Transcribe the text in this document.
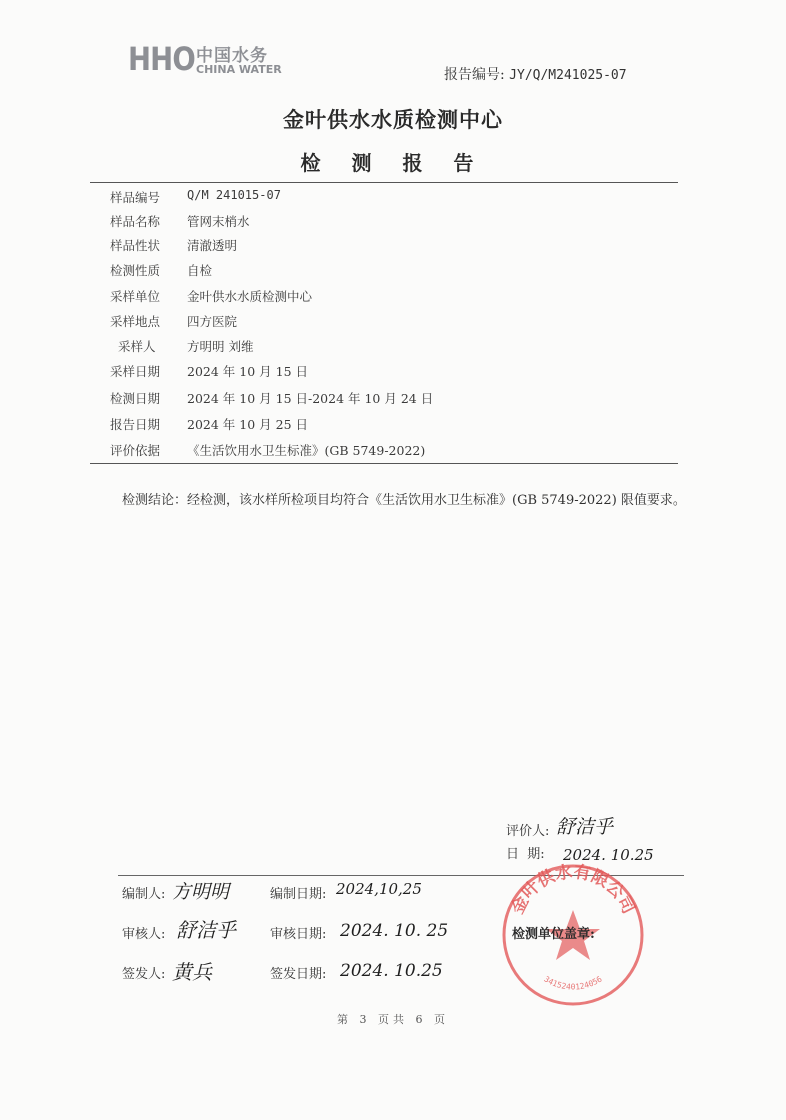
HHO 中国水务
CHINA WATER	报告编号: JY/Q/M241025-07
金叶供水水质检测中心
检 测 报 告
样品编号	Q/M 241015-07
样品名称	管网末梢水
样品性状	清澈透明
检测性质	自检
采样单位	金叶供水水质检测中心
采样地点	四方医院
采样人	方明明 刘维
采样日期	2024 年 10 月 15 日
检测日期	2024 年 10 月 15 日-2024 年 10 月 24 日
报告日期	2024 年 10 月 25 日
评价依据	《生活饮用水卫生标准》(GB 5749-2022)
检测结论：经检测，该水样所检项目均符合《生活饮用水卫生标准》(GB 5749-2022) 限值要求。
评价人: 舒洁乎
日  期: 2024. 10.25
编制人: 方明明	编制日期: 2024,10,25
审核人: 舒洁乎	审核日期: 2024. 10. 25
签发人: 黄兵	签发日期: 2024. 10.25
金叶供水有限公司
3415240124056
检测单位盖章:
第 3 页共 6 页
